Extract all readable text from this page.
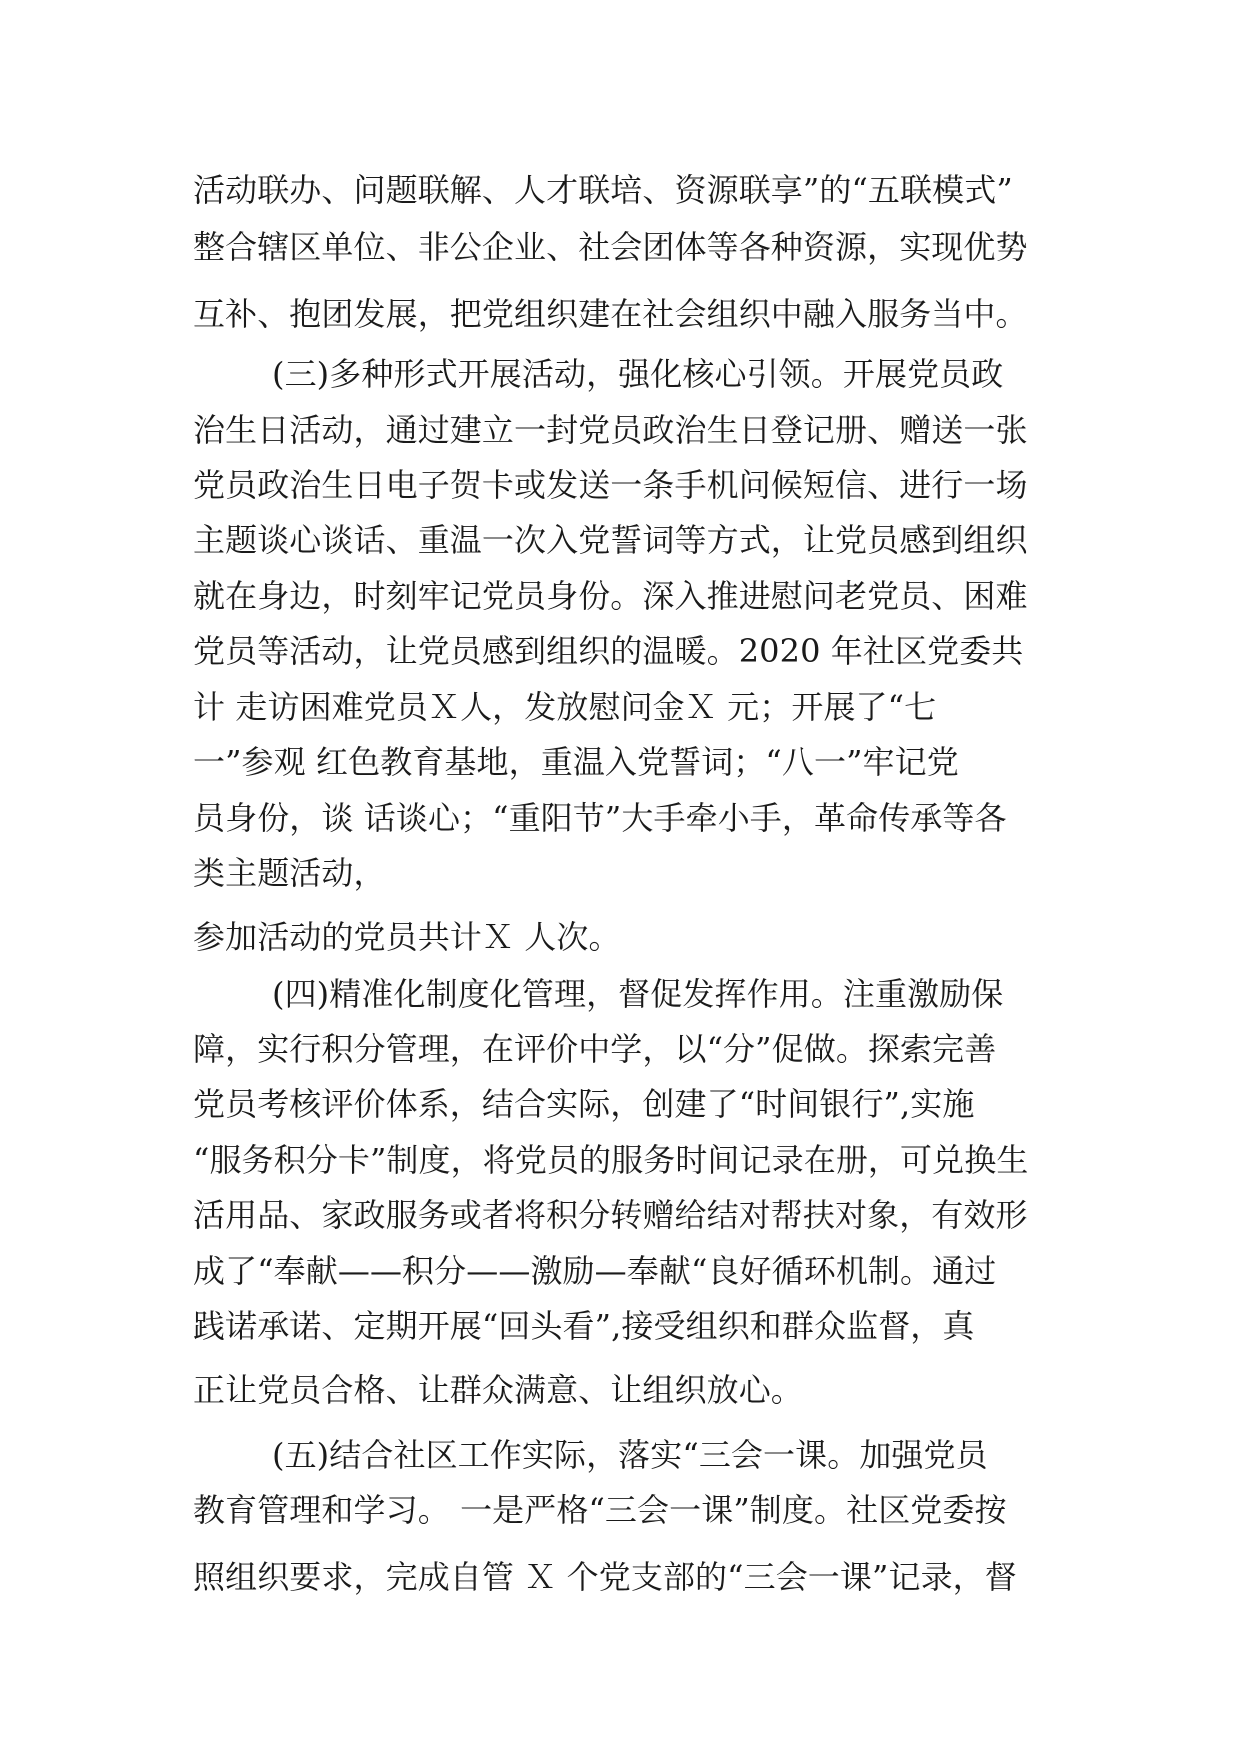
活动联办、问题联解、人才联培、资源联享”的“五联模式”

整合辖区单位、非公企业、社会团体等各种资源，实现优势

互补、抱团发展，把党组织建在社会组织中融入服务当中。

(三)多种形式开展活动，强化核心引领。开展党员政

治生日活动，通过建立一封党员政治生日登记册、赠送一张

党员政治生日电子贺卡或发送一条手机问候短信、进行一场

主题谈心谈话、重温一次入党誓词等方式，让党员感到组织

就在身边，时刻牢记党员身份。深入推进慰问老党员、困难

党员等活动，让党员感到组织的温暖。2020 年社区党委共

计 走访困难党员Ｘ人，发放慰问金Ｘ 元；开展了“七

一”参观 红色教育基地，重温入党誓词；“八一”牢记党

员身份，谈 话谈心；“重阳节”大手牵小手，革命传承等各

类主题活动，

参加活动的党员共计Ｘ 人次。

(四)精准化制度化管理，督促发挥作用。注重激励保

障，实行积分管理，在评价中学，以“分”促做。探索完善

党员考核评价体系，结合实际，创建了“时间银行”,实施

“服务积分卡”制度，将党员的服务时间记录在册，可兑换生

活用品、家政服务或者将积分转赠给结对帮扶对象，有效形

成了“奉献——积分——激励—奉献“良好循环机制。通过

践诺承诺、定期开展“回头看”,接受组织和群众监督，真

正让党员合格、让群众满意、让组织放心。

(五)结合社区工作实际，落实“三会一课。加强党员

教育管理和学习。 一是严格“三会一课”制度。社区党委按

照组织要求，完成自管 Ｘ 个党支部的“三会一课”记录，督
